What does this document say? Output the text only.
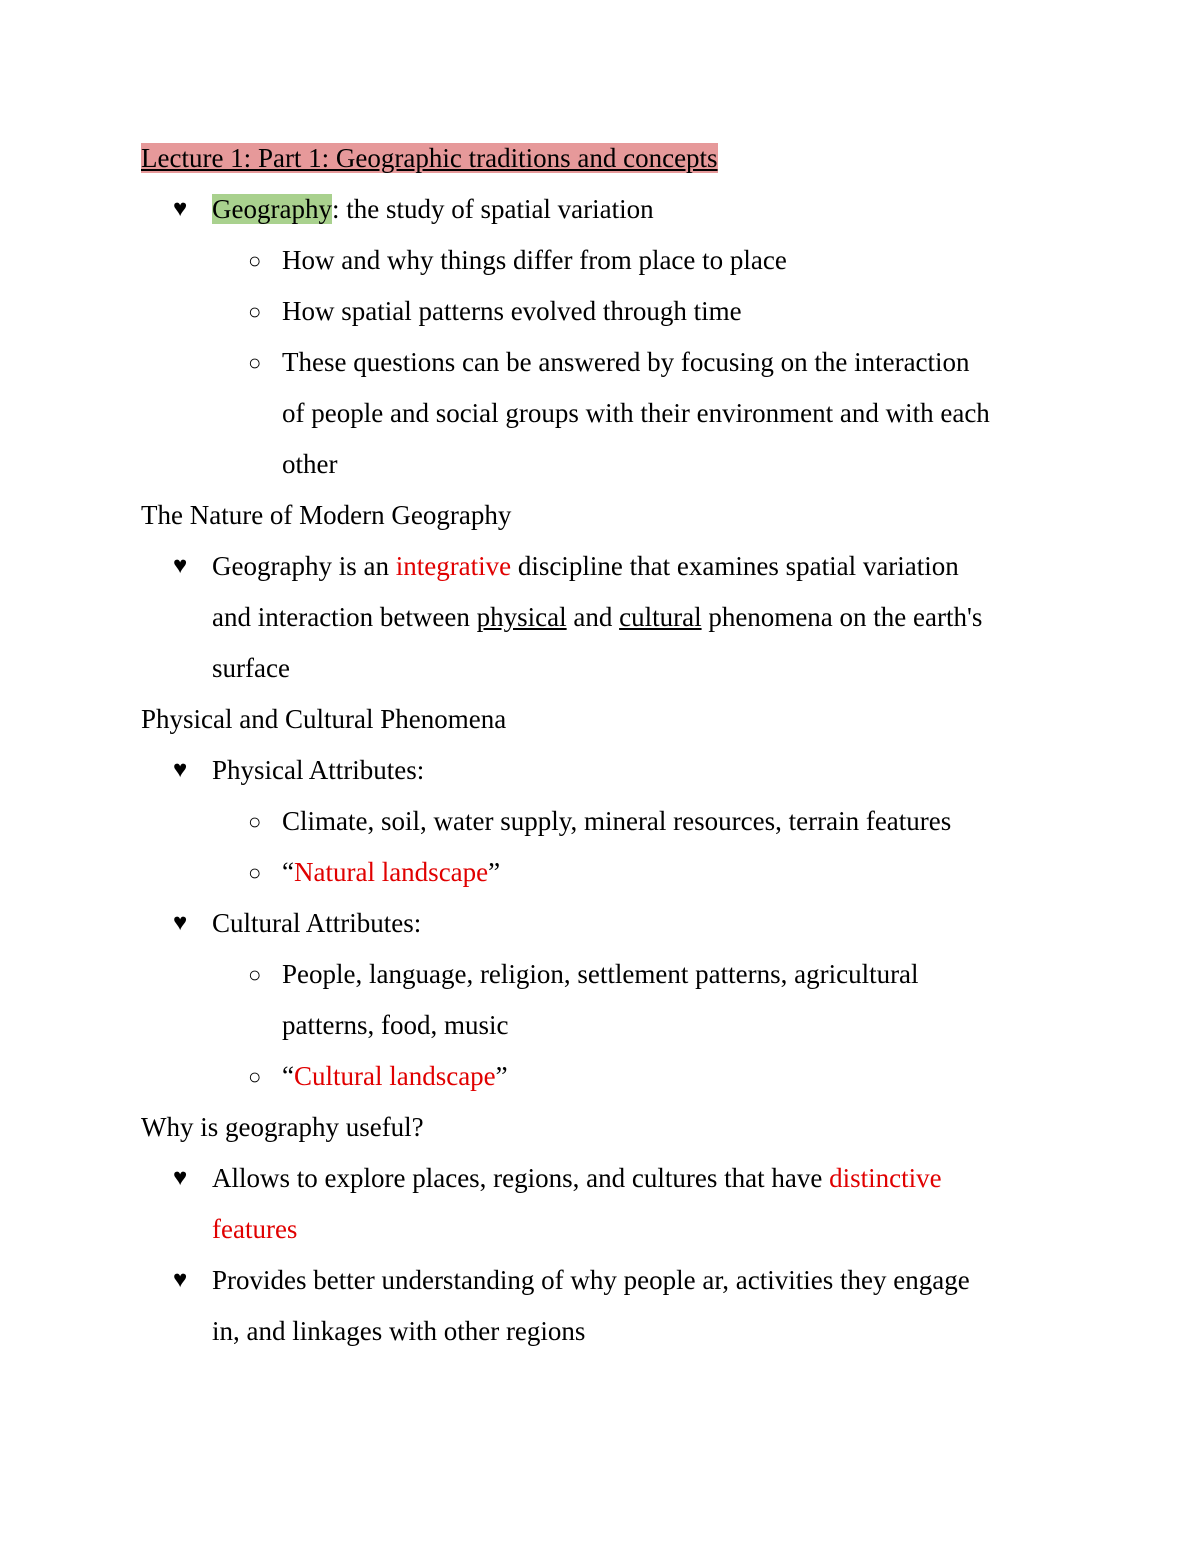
Lecture 1: Part 1: Geographic traditions and concepts
♥ Geography: the study of spatial variation
○ How and why things differ from place to place
○ How spatial patterns evolved through time
○ These questions can be answered by focusing on the interaction
of people and social groups with their environment and with each
other
The Nature of Modern Geography
♥ Geography is an integrative discipline that examines spatial variation
and interaction between physical and cultural phenomena on the earth's
surface
Physical and Cultural Phenomena
♥ Physical Attributes:
○ Climate, soil, water supply, mineral resources, terrain features
○ “Natural landscape”
♥ Cultural Attributes:
○ People, language, religion, settlement patterns, agricultural
patterns, food, music
○ “Cultural landscape”
Why is geography useful?
♥ Allows to explore places, regions, and cultures that have distinctive
features
♥ Provides better understanding of why people ar, activities they engage
in, and linkages with other regions
